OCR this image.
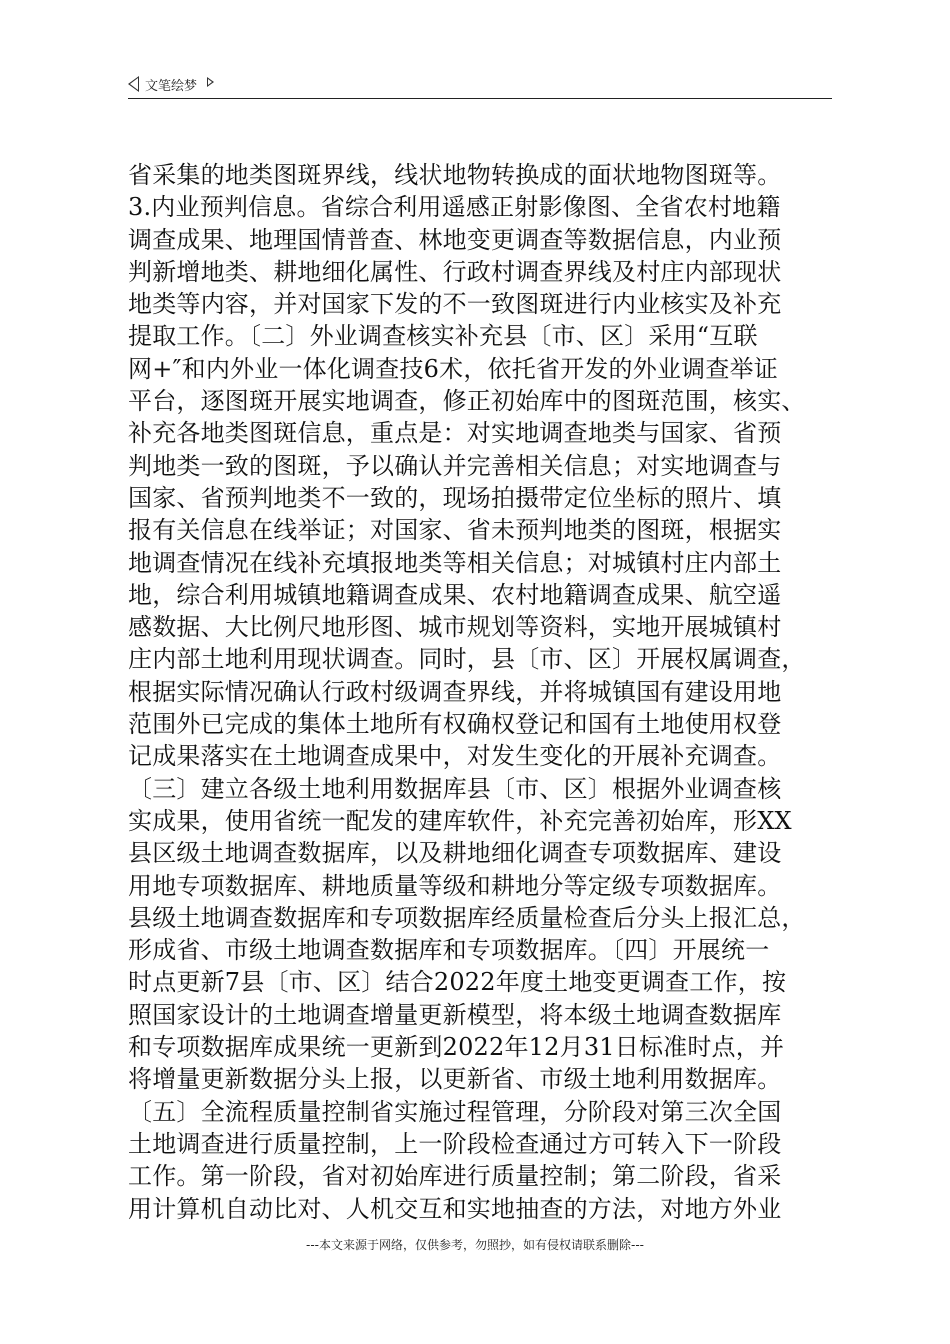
文笔绘梦
省采集的地类图斑界线，线状地物转换成的面状地物图斑等。
3.内业预判信息。省综合利用遥感正射影像图、全省农村地籍
调查成果、地理国情普查、林地变更调查等数据信息，内业预
判新增地类、耕地细化属性、行政村调查界线及村庄内部现状
地类等内容，并对国家下发的不一致图斑进行内业核实及补充
提取工作。〔二〕外业调查核实补充县〔市、区〕采用“互联
网+″和内外业一体化调查技6术，依托省开发的外业调查举证
平台，逐图斑开展实地调查，修正初始库中的图斑范围，核实、
补充各地类图斑信息，重点是：对实地调查地类与国家、省预
判地类一致的图斑，予以确认并完善相关信息；对实地调查与
国家、省预判地类不一致的，现场拍摄带定位坐标的照片、填
报有关信息在线举证；对国家、省未预判地类的图斑，根据实
地调查情况在线补充填报地类等相关信息；对城镇村庄内部土
地，综合利用城镇地籍调查成果、农村地籍调查成果、航空遥
感数据、大比例尺地形图、城市规划等资料，实地开展城镇村
庄内部土地利用现状调查。同时，县〔市、区〕开展权属调查，
根据实际情况确认行政村级调查界线，并将城镇国有建设用地
范围外已完成的集体土地所有权确权登记和国有土地使用权登
记成果落实在土地调查成果中，对发生变化的开展补充调查。
〔三〕建立各级土地利用数据库县〔市、区〕根据外业调查核
实成果，使用省统一配发的建库软件，补充完善初始库，形XX
县区级土地调查数据库，以及耕地细化调查专项数据库、建设
用地专项数据库、耕地质量等级和耕地分等定级专项数据库。
县级土地调查数据库和专项数据库经质量检查后分头上报汇总，
形成省、市级土地调查数据库和专项数据库。〔四〕开展统一
时点更新7县〔市、区〕结合2022年度土地变更调查工作，按
照国家设计的土地调查增量更新模型，将本级土地调查数据库
和专项数据库成果统一更新到2022年12月31日标准时点，并
将增量更新数据分头上报，以更新省、市级土地利用数据库。
〔五〕全流程质量控制省实施过程管理，分阶段对第三次全国
土地调查进行质量控制，上一阶段检查通过方可转入下一阶段
工作。第一阶段，省对初始库进行质量控制；第二阶段，省采
用计算机自动比对、人机交互和实地抽查的方法，对地方外业
---本文来源于网络，仅供参考，勿照抄，如有侵权请联系删除---
